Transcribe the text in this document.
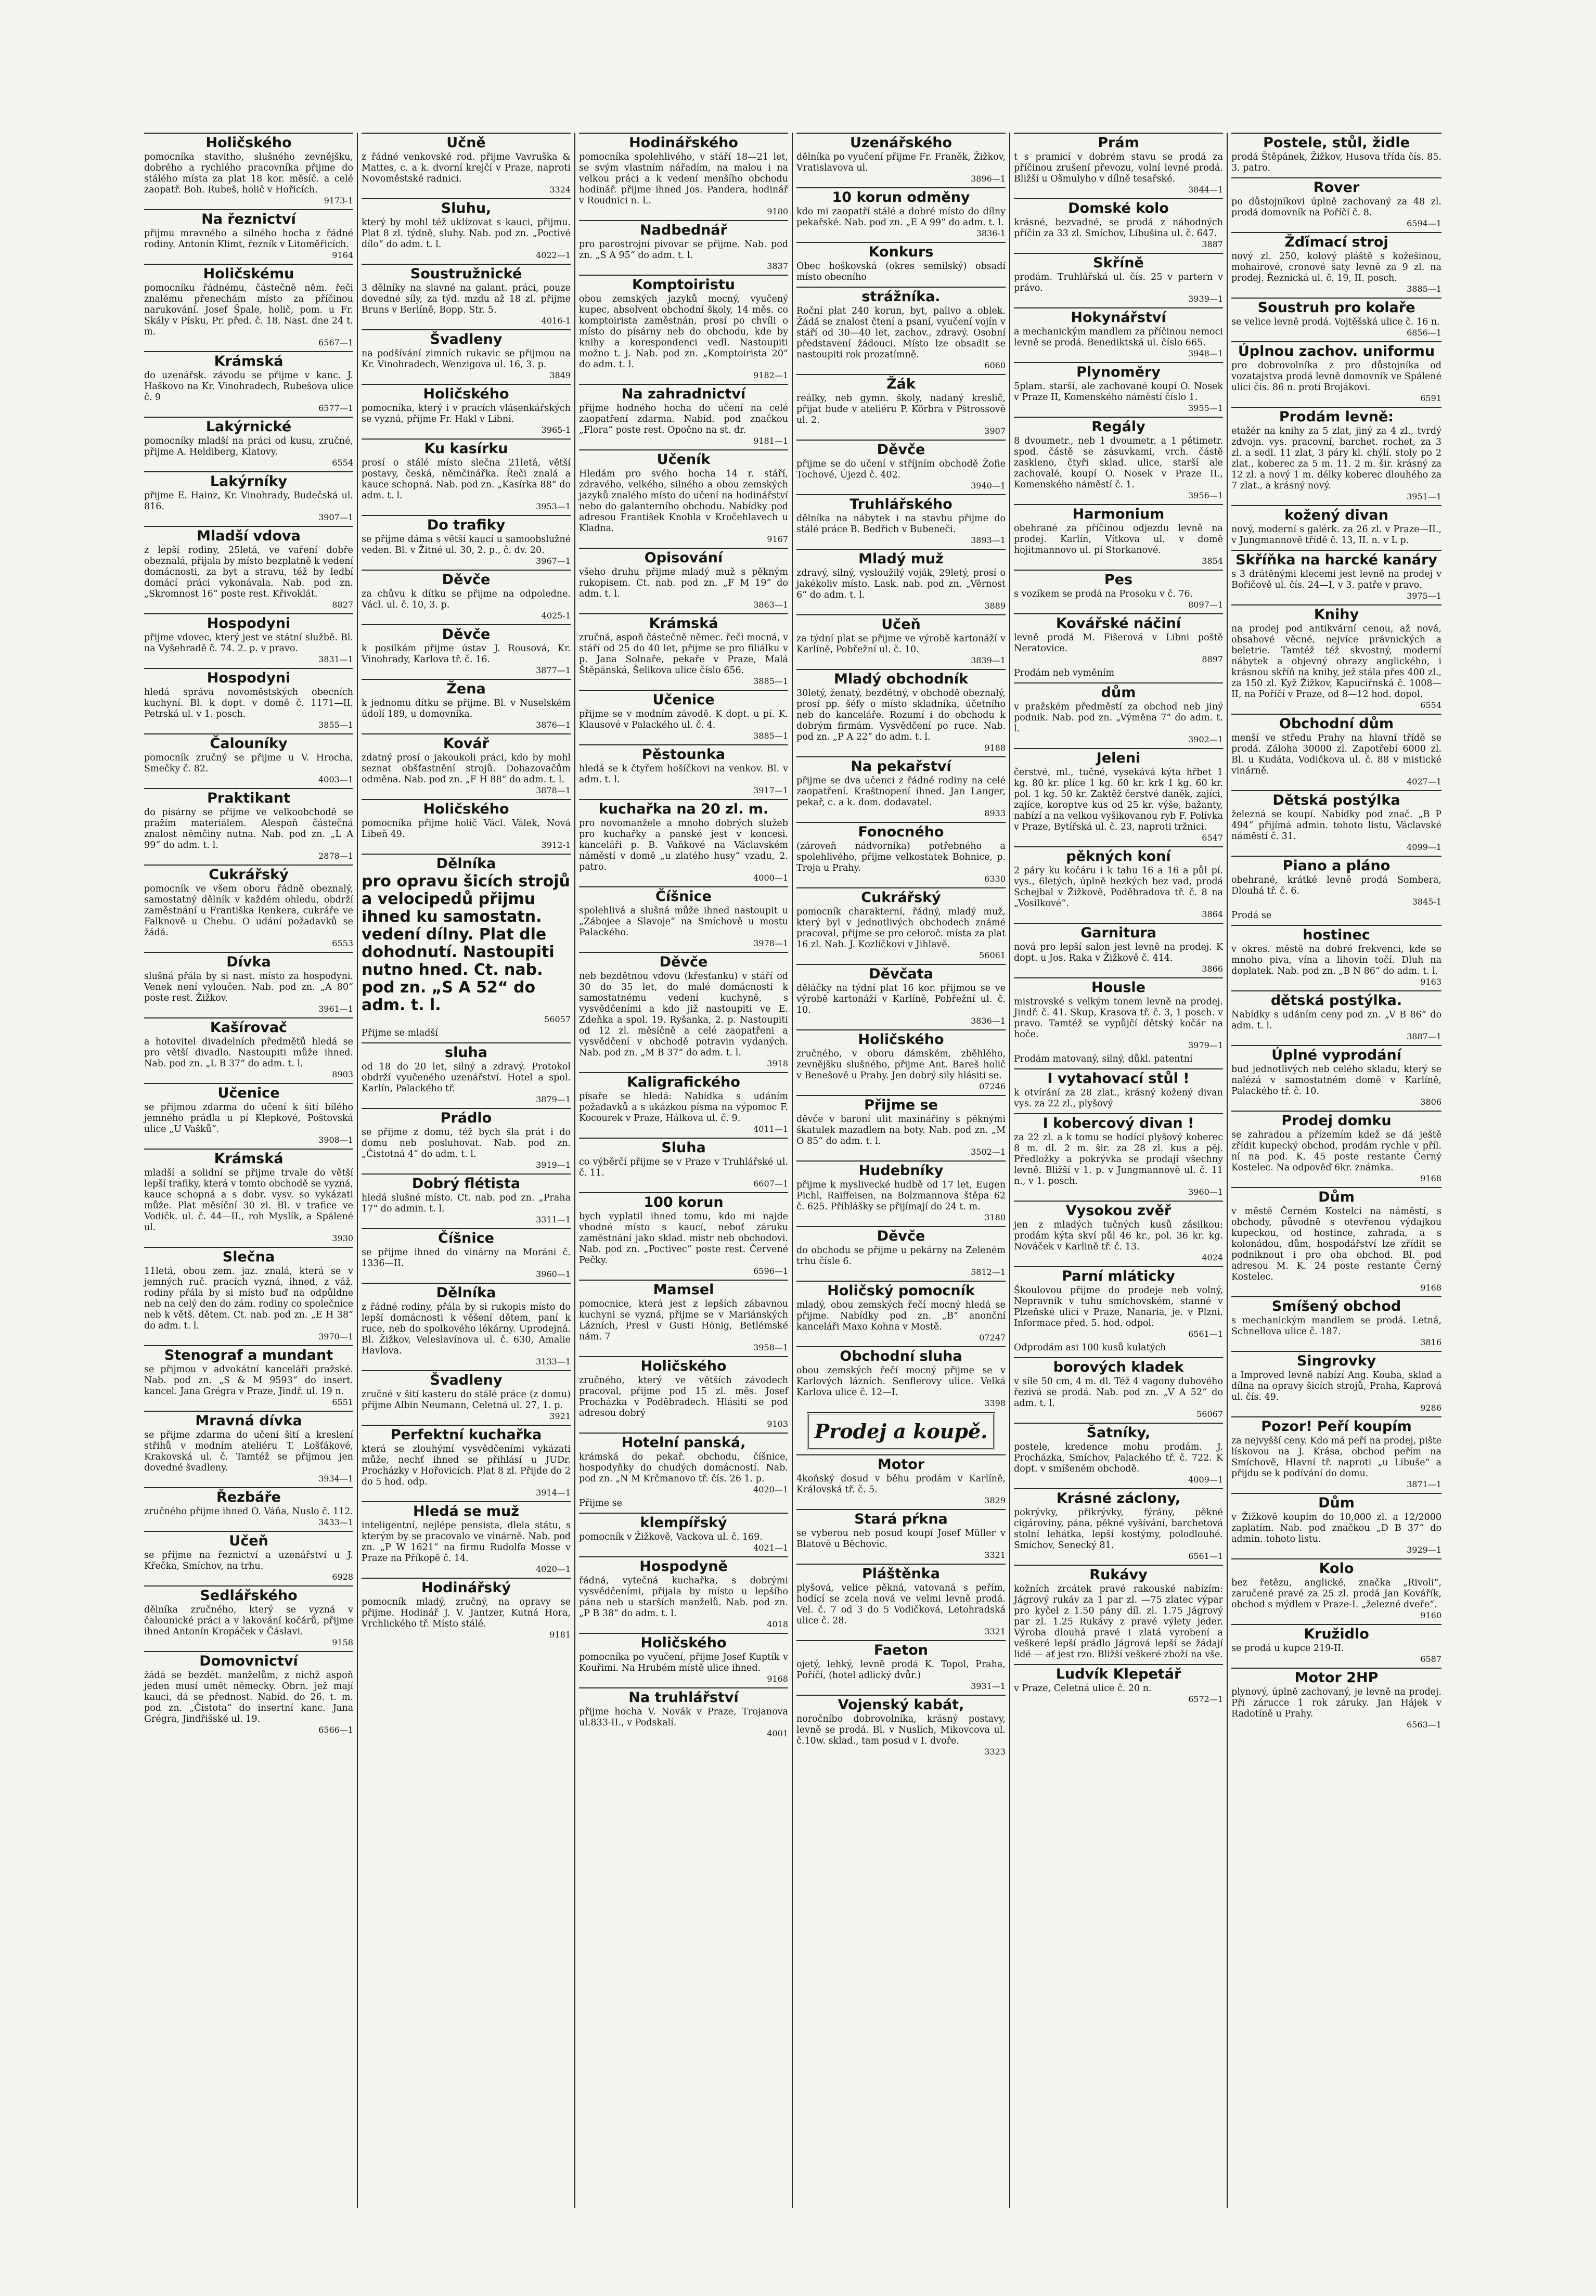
Holičského

pomocníka stavitho, slušného zevnějšku, dobrého a rychlého pracovníka přijme do stálého místa za plat 18 kor. měsíč. a celé zaopatř. Boh. Rubeš, holič v Hořicích.

9173-1
Na řeznictví

přijmu mravného a silného hocha z řádné rodiny. Antonín Klimt, řezník v Litoměřicích.

9164
Holičskému

pomocníku řádnému, částečně něm. řeči znalému přenechám místo za příčinou narukování. Josef Špale, holič, pom. u Fr. Skály v Písku, Pr. před. č. 18. Nast. dne 24 t. m.

6567—1
Krámská

do uzenářsk. závodu se přijme v kanc. J. Haškovo na Kr. Vinohradech, Rubešova ulice č. 9

6577—1
Lakýrnické

pomocníky mladší na práci od kusu, zručné, přijme A. Heldiberg, Klatovy.

6554
Lakýrníky

přijme E. Hainz, Kr. Vinohrady, Budečská ul. 816.

3907—1
Mladší vdova

z lepší rodiny, 25letá, ve vaření dobře obeznalá, přijala by místo bezplatně k vedení domácnosti, za byt a stravu, též by ledbí domácí práci vykonávala. Nab. pod zn. „Skromnost 16“ poste rest. Křivoklát.

8827
Hospodyni

přijme vdovec, který jest ve státní službě. Bl. na Vyšehradě č. 74. 2. p. v pravo.

3831—1
Hospodyni

hledá správa novoměstských obecních kuchyní. Bl. k dopt. v domě č. 1171—II. Petrská ul. v 1. posch.

3855—1
Čalouníky

pomocník zručný se přijme u V. Hrocha, Smečky č. 82.

4003—1
Praktikant

do písárny se přijme ve velkoobchodě se pražím materiálem. Alespoň částečná znalost němčiny nutna. Nab. pod zn. „L A 99“ do adm. t. l.

2878—1
Cukrářský

pomocník ve všem oboru řádně obeznalý, samostatný dělník v každém ohledu, obdrží zaměstnání u Františka Renkera, cukráře ve Falknově u Chebu. O udání požadavků se žádá.

6553
Dívka

slušná přála by si nast. místo za hospodyni. Venek není vyloučen. Nab. pod zn. „A 80“ poste rest. Žižkov.

3961—1
Kašírovač

a hotovitel divadelních předmětů hledá se pro větší divadlo. Nastoupiti může ihned. Nab. pod zn. „L B 37“ do adm. t. l.

8903
Učenice

se přijmou zdarma do učení k šití bílého jemného prádla u pí Klepkové, Poštovská ulice „U Vašků“.

3908—1
Krámská

mladší a solidní se přijme trvale do větší lepší trafiky, která v tomto obchodě se vyzná, kauce schopná a s dobr. vysv. so vykázati může. Plat měsíční 30 zl. Bl. v trafice ve Vodičk. ul. č. 44—II., roh Myslík, a Spálené ul.

3930
Slečna

11letá, obou zem. jaz. znalá, která se v jemných ruč. pracích vyzná, ihned, z váž. rodiny přála by si místo buď na odpůldne neb na celý den do zám. rodiny co společnice neb k větš. dětem. Ct. nab. pod zn. „E H 38“ do adm. t. l.

3970—1
Stenograf a mundant

se přijmou v advokátní kanceláři pražské. Nab. pod zn. „S & M 9593“ do insert. kancel. Jana Grégra v Praze, Jindř. ul. 19 n.

6551
Mravná dívka

se přijme zdarma do učení šití a kreslení střihů v modním ateliéru T. Lošťákové, Krakovská ul. č. Tamtéž se přijmou jen dovedné švadleny.

3934—1
Řezbáře

zručného přijme ihned O. Váňa, Nuslo č. 112.

3433—1
Učeň

se přijme na řeznictví a uzenářství u J. Křečka, Smíchov, na trhu.

6928
Sedlářského

dělníka zručného, který se vyzná v čalounické práci a v lakování kočárů, přijme ihned Antonín Kropáček v Čáslavi.

9158
Domovnictví

žádá se bezdět. manželům, z nichž aspoň jeden musí umět německy. Obrn. jež mají kauci, dá se přednost. Nabíd. do 26. t. m. pod zn. „Čistota“ do insertní kanc. Jana Grégra, Jindřišské ul. 19.

6566—1
Učně

z řádné venkovské rod. přijme Vavruška & Mattes, c. a k. dvorní krejčí v Praze, naproti Novoměstské radnici.

3324
Sluhu,

který by mohl též uklízovat s kauci, přijmu. Plat 8 zl. týdně, sluhy. Nab. pod zn. „Poctivé dílo“ do adm. t. l.

4022—1
Soustružnické

3 dělníky na slavné na galant. práci, pouze dovedné síly, za týd. mzdu až 18 zl. přijme Bruns v Berlíně, Bopp. Str. 5.

4016-1
Švadleny

na podšívání zimních rukavic se přijmou na Kr. Vinohradech, Wenzigova ul. 16, 3. p.

3849
Holičského

pomocníka, který i v pracích vlásenkářských se vyzná, přijme Fr. Hakl v Libni.

3965-1
Ku kasírku

prosí o stálé místo slečna 21letá, větší postavy, česká, němčinářka. Řeči znalá a kauce schopná. Nab. pod zn. „Kasírka 88“ do adm. t. l.

3953—1
Do trafiky

se přijme dáma s větší kaucí u samoobslužné veden. Bl. v Žitné ul. 30, 2. p., č. dv. 20.

3967—1
Děvče

za chůvu k dítku se přijme na odpoledne. Václ. ul. č. 10, 3. p.

4025-1
Děvče

k posilkám přijme ústav J. Rousová, Kr. Vinohrady, Karlova tř. č. 16.

3877—1
Žena

k jednomu dítku se přijme. Bl. v Nuselském údolí 189, u domovníka.

3876—1
Kovář

zdatný prosí o jakoukoli práci, kdo by mohl seznat obšťastnění strojů. Dohazovačům odměna. Nab. pod zn. „F H 88“ do adm. t. l.

3878—1
Holičského

pomocníka přijme holič Václ. Válek, Nová Libeň 49.

3912-1
Dělníka

pro opravu šicích strojů a velocipedů přijmu ihned ku samostatn. vedení dílny. Plat dle dohodnutí. Nastoupiti nutno hned. Ct. nab. pod zn. „S A 52“ do adm. t. l.

56057

Přijme se mladší

sluha

od 18 do 20 let, silný a zdravý. Protokol obdrží vyučeného uzenářství. Hotel a spol. Karlín, Palackého tř.

3879—1
Prádlo

se přijme z domu, též bych šla prát i do domu neb posluhovat. Nab. pod zn. „Čistotná 4“ do adm. t. l.

3919—1
Dobrý flétista

hledá slušné místo. Ct. nab. pod zn. „Praha 17“ do admin. t. l.

3311—1
Číšnice

se přijme ihned do vinárny na Moráni č. 1336—II.

3960—1
Dělníka

z řádné rodiny, přála by si rukopis místo do lepší domácnosti k věšení dětem, paní k ruce, neb do spolkového lékárny. Uprodejná. Bl. Žižkov, Veleslavínova ul. č. 630, Amalie Havlova.

3133—1
Švadleny

zručné v šití kasteru do stálé práce (z domu) přijme Albin Neumann, Celetná ul. 27, 1. p.

3921
Perfektní kuchařka

která se zlouhýmí vysvědčeními vykázati může, nechť ihned se přihlásí u JUDr. Procházky v Hořovicích. Plat 8 zl. Přijde do 2 do 5 hod. odp.

3914—1
Hledá se muž

inteligentní, nejlépe pensista, dlela státu, s kterým by se pracovalo ve vinárně. Nab. pod zn. „P W 1621“ na firmu Rudolfa Mosse v Praze na Příkopě č. 14.

4020—1
Hodinářský

pomocník mladý, zručný, na opravy se přijme. Hodinář J. V. Jantzer, Kutná Hora, Vrchlického tř. Místo stálé.

9181
Hodinářského

pomocníka spolehlivého, v stáří 18—21 let, se svým vlastním nářadím, na malou i na velkou práci a k vedení menšího obchodu hodinář. přijme ihned Jos. Pandera, hodinář v Roudnici n. L.

9180
Nadbednář

pro parostrojní pivovar se přijme. Nab. pod zn. „S A 95“ do adm. t. l.

3837
Komptoiristu

obou zemských jazyků mocný, vyučený kupec, absolvent obchodní školy, 14 měs. co komptoirista zaměstnán, prosí po chvíli o místo do písárny neb do obchodu, kde by knihy a korespondenci vedl. Nastoupiti možno t. j. Nab. pod zn. „Komptoirista 20“ do adm. t. l.

9182—1
Na zahradnictví

přijme hodného hocha do učení na celé zaopatření zdarma. Nabíd. pod značkou „Flora“ poste rest. Opočno na st. dr.

9181—1
Učeník

Hledám pro svého hocha 14 r. stáří, zdravého, velkého, silného a obou zemských jazyků znalého místo do učení na hodinářství nebo do galanterního obchodu. Nabídky pod adresou František Knobla v Kročehlavech u Kladna.

9167
Opisování

všeho druhu přijme mladý muž s pěkným rukopisem. Ct. nab. pod zn. „F M 19“ do adm. t. l.

3863—1
Krámská

zručná, aspoň částečně němec. řeči mocná, v stáří od 25 do 40 let, přijme se pro filiálku v p. Jana Solnaře, pekaře v Praze, Malá Štěpánská, Šelikova ulice číslo 656.

3885—1
Učenice

přijme se v modním závodě. K dopt. u pí. K. Klausové v Palackého ul. č. 4.

3885—1
Pěstounka

hledá se k čtyřem hošíčkovi na venkov. Bl. v adm. t. l.

3917—1
kuchařka na 20 zl. m.

pro novomanžele a mnoho dobrých služeb pro kuchařky a panské jest v koncesi. kanceláři p. B. Vaňkové na Václavském náměstí v domě „u zlatého husy“ vzadu, 2. patro.

4000—1
Číšnice

spolehlivá a slušná může ihned nastoupit u „Zábojee a Slavoje“ na Smíchově u mostu Palackého.

3978—1
Děvče

neb bezdětnou vdovu (křesťanku) v stáří od 30 do 35 let, do malé domácnosti k samostatnému vedení kuchyně, s vysvědčeními a kdo již nastoupiti ve E. Zdeňka a spol. 19. Ryšanka, 2. p. Nastoupiti od 12 zl. měsíčně a celé zaopatřeni a vysvědčení v obchodě potravin vydaných. Nab. pod zn. „M B 37“ do adm. t. l.

3918
Kaligrafického

písaře se hledá: Nabídka s udáním požadavků a s ukázkou písma na výpomoc F. Kocourek v Praze, Hálkova ul. č. 9.

4011—1
Sluha

co výběrčí přijme se v Praze v Truhlářské ul. č. 11.

6607—1
100 korun

bych vyplatil ihned tomu, kdo mi najde vhodné místo s kaucí, neboť záruku zaměstnání jako sklad. mistr neb obchodovi. Nab. pod zn. „Poctivec“ poste rest. Červené Pečky.

6596—1
Mamsel

pomocnice, která jest z lepších zábavnou kuchyni se vyzná, přijme se v Mariánských Lázních, Presl v Gusti Hönig, Betlémské nám. 7

3958—1
Holičského

zručného, který ve větších závodech pracoval, přijme pod 15 zl. měs. Josef Procházka v Poděbradech. Hlásiti se pod adresou dobrý

9103
Hotelní panská,

krámská do pekař. obchodu, číšnice, hospodyňky do chudých domácností. Nab. pod zn. „N M Krčmanovo tř. čís. 26 1. p.

4020—1

Přijme se

klempířský

pomocník v Žižkově, Vackova ul. č. 169.

4021—1
Hospodyně

řádná, vytečná kuchařka, s dobrými vysvědčeními, přijala by místo u lepšího pána neb u starších manželů. Nab. pod zn. „P B 38“ do adm. t. l.

4018
Holičského

pomocníka po vyučení, přijme Josef Kuptík v Kouřimi. Na Hrubém místě ulice ihned.

9168
Na truhlářství

přijme hocha V. Novák v Praze, Trojanova ul.833-II., v Podskalí.

4001
Uzenářského

dělníka po vyučení přijme Fr. Franěk, Žižkov, Vratislavova ul.

3896—1
10 korun odměny

kdo mi zaopatří stálé a dobré místo do dílny pekařské. Nab. pod zn. „E A 99“ do adm. t. l.

3836-1
Konkurs

Obec hoškovská (okres semilský) obsadí místo obecního

strážníka.

Roční plat 240 korun, byt, palivo a oblek. Žádá se znalost čtení a psaní, vyučení vojín v stáří od 30—40 let, zachov., zdravý. Osobní představení žádouci. Místo lze obsadit se nastoupiti rok prozatímně.

6060
Žák

reálky, neb gymn. školy, nadaný kreslič, přijat bude v ateliéru P. Körbra v Pštrossově ul. 2.

3907
Děvče

přijme se do učení v stříjním obchodě Žofie Tochové, Újezd č. 402.

3940—1
Truhlářského

dělníka na nábytek i na stavbu přijme do stálé práce B. Bedřich v Bubeneči.

3893—1
Mladý muž

zdravý, silný, vysloužilý voják, 29letý, prosí o jakékoliv místo. Lask. nab. pod zn. „Věrnost 6“ do adm. t. l.

3889
Učeň

za týdní plat se přijme ve výrobě kartonáží v Karlíně, Pobřežní ul. č. 10.

3839—1
Mladý obchodník

30letý, ženatý, bezdětný, v obchodě obeznalý, prosí pp. šéfy o místo skladníka, účetního neb do kanceláře. Rozumí i do obchodu k dobrým firmám. Vysvědčení po ruce. Nab. pod zn. „P A 22“ do adm. t. l.

9188
Na pekařství

přijme se dva učenci z řádné rodiny na celé zaopatření. Kraštnopení ihned. Jan Langer, pekař, c. a k. dom. dodavatel.

8933
Fonocného

(zároveň nádvorníka) potřebného a spolehlivého, přijme velkostatek Bohnice, p. Troja u Prahy.

6330
Cukrářský

pomocník charakterní, řádný, mladý muž, který byl v jednotlivých obchodech známé pracoval, přijme se pro celoroč. místa za plat 16 zl. Nab. J. Kozlíčkovi v Jihlavě.

56061
Děvčata

děláčky na týdní plat 16 kor. přijmou se ve výrobě kartonáží v Karlíně, Pobřežní ul. č. 10.

3836—1
Holičského

zručného, v oboru dámském, zběhlého, zevnějšku slušného, přijme Ant. Bareš holič v Benešově u Prahy. Jen dobrý sily hlásiti se.

07246
Přijme se

děvče v baroní ulit maxinářiny s pěknými škatulek mazadlem na boty. Nab. pod zn. „M O 85“ do adm. t. l.

3502—1
Hudebníky

přijme k myslivecké hudbě od 17 let, Eugen Pichl, Raiffeisen, na Bolzmannova štěpa 62 č. 625. Přihlášky se přijímají do 24 t. m.

3180
Děvče

do obchodu se přijme u pekárny na Zeleném trhu čísle 6.

5812—1
Holičský pomocník

mladý, obou zemských řečí mocný hledá se přijme. Nabídky pod zn. „B“ anonční kanceláři Maxo Kohna v Mostě.

07247
Obchodní sluha

obou zemských řečí mocný přijme se v Karlových lázních. Senflerovy ulice. Velká Karlova ulice č. 12—I.

3398
Prodej a koupě.
Motor

4koňský dosud v běhu prodám v Karlíně, Královská tř. č. 5.

3829
Stará pŕkna

se vyberou neb posud koupí Josef Müller v Blatově u Běchovic.

3321
Pláštěnka

plyšová, velice pěkná, vatovaná s peřím, hodící se zcela nová ve velmi levně prodá. Vel. č. 7 od 3 do 5 Vodičková, Letohradská ulice č. 28.

3321
Faeton

ojetý, lehký, levně prodá K. Topol, Praha, Poříčí, (hotel adlický dvůr.)

3931—1
Vojenský kabát,

noročníbo dobrovolníka, krásný postavy, levně se prodá. Bl. v Nuslích, Mikovcova ul. č.10w. sklad., tam posud v I. dvoře.

3323
Prám

t s pramicí v dobrém stavu se prodá za příčinou zrušení převozu, volní levné prodá. Bližší u Ošmulyho v dílně tesařské.

3844—1
Domské kolo

krásné, bezvadné, se prodá z náhodných příčin za 33 zl. Smíchov, Libušina ul. č. 647.

3887
Skříně

prodám. Truhlářská ul. čís. 25 v partern v právo.

3939—1
Hokynářství

a mechanickým mandlem za příčinou nemoci levně se prodá. Benediktská ul. číslo 665.

3948—1
Plynoměry

5plam. starší, ale zachované koupí O. Nosek v Praze II, Komenského náměstí číslo 1.

3955—1
Regály

8 dvoumetr., neb 1 dvoumetr. a 1 pětimetr. spod. částě se zásuvkami, vrch. částě zaskleno, čtyři sklad. ulice, starší ale zachovalé, koupí O. Nosek v Praze II., Komenského náměstí č. 1.

3956—1
Harmonium

obehrané za příčinou odjezdu levně na prodej. Karlín, Vítkova ul. v domě hojitmannovo ul. pí Storkanové.

3854
Pes

s vozíkem se prodá na Prosoku v č. 76.

8097—1
Kovářské náčiní

levně prodá M. Fišerová v Libni poště Neratovice.

8897

Prodám neb vyměním

dům

v pražském předměstí za obchod neb jiný podnik. Nab. pod zn. „Výměna 7“ do adm. t. l.

3902—1
Jeleni

čerstvé, ml., tučné, vysekává kýta hřbet 1 kg. 80 kr. plíce 1 kg. 60 kr. krk 1 kg. 60 kr. pol. 1 kg. 50 kr. Zaktěž čerstvé daněk, zajíci, zajíce, koroptve kus od 25 kr. výše, bažanty, nabízí a na velkou vyšikovanou ryb F. Polívka v Praze, Bytířská ul. č. 23, naproti tržnici.

6547
pěkných koní

2 páry ku kočáru i k tahu 16 a 16 a půl pí. vys., 6letých, úplně hezkých bez vad, prodá Schejbal v Žižkově, Poděbradova tř. č. 8 na „Vosilkové“.

3864
Garnitura

nová pro lepší salon jest levně na prodej. K dopt. u Jos. Raka v Žižkově č. 414.

3866
Housle

mistrovské s velkým tonem levně na prodej. Jindř. č. 41. Skup, Krasova tř. č. 3, 1 posch. v pravo. Tamtéž se vypůjčí dětský kočár na hoče.

3979—1

Prodám matovaný, silný, důkl. patentní

I vytahovací stůl !

k otvírání za 28 zlat., krásný kožený divan vys. za 22 zl., plyšový

I kobercový divan !

za 22 zl. a k tomu se hodící plyšový koberec 8 m. dl. 2 m. šir. za 28 zl. kus a pěj. Předložky a pokrývka se prodají všechny levně. Bližší v 1. p. v Jungmannově ul. č. 11 n., v 1. posch.

3960—1
Vysokou zvěř

jen z mladých tučných kusů zásilkou: prodám kýta skví půl 46 kr., pol. 36 kr. kg. Nováček v Karlině tř. č. 13.

4024
Parní mláticky

Škoulovou přijme do prodeje neb volný, Nepravník v tuhu smíchovském, stanné v Plzeňské ulici v Praze, Nanaria, je. v Plzni. Informace před. 5. hod. odpol.

6561—1

Odprodám asi 100 kusů kulatých

borových kladek

v síle 50 cm, 4 m. dl. Též 4 vagony dubového řezivá se prodá. Nab. pod zn. „V A 52“ do adm. t. l.

56067
Šatníky,

postele, kredence mohu prodám. J. Procházka, Smíchov, Palackého tř. č. 722. K dopt. v smíšeném obchodě.

4009—1
Krásné záclony,

pokrývky, přikrývky, fýrány, pěkné cigároviny, pána, pěkné vyšívání, barchetová stolní lehátka, lepší kostýmy, polodlouhé. Smíchov, Senecký 81.

6561—1
Rukávy

kožních zrcátek pravé rakouské nabízím: Jágrový rukáv za 1 par zl. —75 zlatec výpar pro kyčel z 1.50 pány díl. zl. 1.75 Jágrový par zl. 1.25 Rukávy z pravé výlety jeder. Výroba dlouhá pravé i zlatá vyrobení a veškeré lepší prádlo Jágrová lepší se žádají lidé — ať jest rzo. Bližší veškeré zboží na vše.

Ludvík Klepetář

v Praze, Celetná ulice č. 20 n.

6572—1
Postele, stůl, židle

prodá Štěpánek, Žižkov, Husova třída čís. 85. 3. patro.

Rover

po důstojníkovi úplně zachovaný za 48 zl. prodá domovník na Poříčí č. 8.

6594—1
Žďímací stroj

nový zl. 250, kolový pláště s kožešinou, mohairové, cronové šaty levně za 9 zl. na prodej. Řeznická ul. č. 19, II. posch.

3885—1
Soustruh pro kolaře

se velice levně prodá. Vojtěšská ulice č. 16 n.

6856—1
Úplnou zachov. uniformu

pro dobrovolníka z pro důstojníka od vozatajstva prodá levně domovník ve Spálené ulici čís. 86 n. proti Brojákovi.

6591
Prodám levně:

etažér na knihy za 5 zlat, jiný za 4 zl., tvrdý zdvojn. vys. pracovní, barchet. rochet, za 3 zl. a sedl. 11 zlat, 3 páry kl. chýlí. stoly po 2 zlat., koberec za 5 m. 11. 2 m. šir. krásný za 12 zl. a nový 1 m. délky koberec dlouhého za 7 zlat., a krásný nový.

3951—1
kožený divan

nový, moderní s galérk. za 26 zl. v Praze—II., v Jungmannově třídě č. 13, II. n. v L p.

Skříňka na harcké kanáry

s 3 drátěnými klecemi jest levně na prodej v Bořičově ul. čís. 24—I, v 3. patře v pravo.

3975—1
Knihy

na prodej pod antikvární cenou, až nová, obsahové věcné, nejvíce právnických a beletrie. Tamtéž též skvostný, moderní nábytek a objevný obrazy anglického, i krásnou skříň na knihy, jež stála přes 400 zl., za 150 zl. Kyž Žižkov, Kapuciřnská č. 1008—II, na Poříčí v Praze, od 8—12 hod. dopol.

6554
Obchodní dům

menší ve středu Prahy na hlavní třídě se prodá. Záloha 30000 zl. Zapotřebí 6000 zl. Bl. u Kudáta, Vodičkova ul. č. 88 v mistické vinárně.

4027—1
Dětská postýlka

železná se koupí. Nabídky pod znač. „B P 494“ přijímá admin. tohoto listu, Václavské náměstí č. 31.

4099—1
Piano a pláno

obehrané, krátké levně prodá Sombera, Dlouhá tř. č. 6.

3845-1

Prodá se

hostinec

v okres. městě na dobré frekvenci, kde se mnoho piva, vína a lihovin točí. Dluh na doplatek. Nab. pod zn. „B N 86“ do adm. t. l.

9163
dětská postýlka.

Nabídky s udáním ceny pod zn. „V B 86“ do adm. t. l.

3887—1
Úplné vyprodání

bud jednotlivých neb celého skladu, který se nalézá v samostatném domě v Karlíně, Palackého tř. č. 10.

3806
Prodej domku

se zahradou a přízemím kdež se dá ještě zřídit kupecký obchod, prodám rychle v příl. ní na pod. K. 45 poste restante Černý Kostelec. Na odpověď 6kr. známka.

9168
Dům

v městě Černém Kostelci na náměstí, s obchody, původně s otevřenou výdajkou kupeckou, od hostince, zahrada, a s kolonádou, dům, hospodářství lze zřídit se podniknout i pro oba obchod. Bl. pod adresou M. K. 24 poste restante Černý Kostelec.

9168
Smíšený obchod

s mechanickým mandlem se prodá. Letná, Schnellova ulice č. 187.

3816
Singrovky

a Improved levně nabízí Ang. Kouba, sklad a dílna na opravy šicích strojů, Praha, Kaprová ul. čís. 49.

9286
Pozor! Peří koupím

za nejvyšší ceny. Kdo má peří na prodej, pište lískovou na J. Krása, obchod peřím na Smíchově, Hlavní tř. naproti „u Libuše“ a přijdu se k podívání do domu.

3871—1
Dům

v Žižkově koupím do 10,000 zl. a 12/2000 zaplatím. Nab. pod značkou „D B 37“ do admin. tohoto listu.

3929—1
Kolo

bez řetězu, anglické, značka „Rivoli“, zaručené pravé za 25 zl. prodá Jan Kovářík, obchod s mýdlem v Praze-I. „železné dveře“.

9160
Kružidlo

se prodá u kupce 219-II.

6587
Motor 2HP

plynový, úplně zachovaný, je levně na prodej. Při zárucce 1 rok záruky. Jan Hájek v Radotíně u Prahy.

6563—1
